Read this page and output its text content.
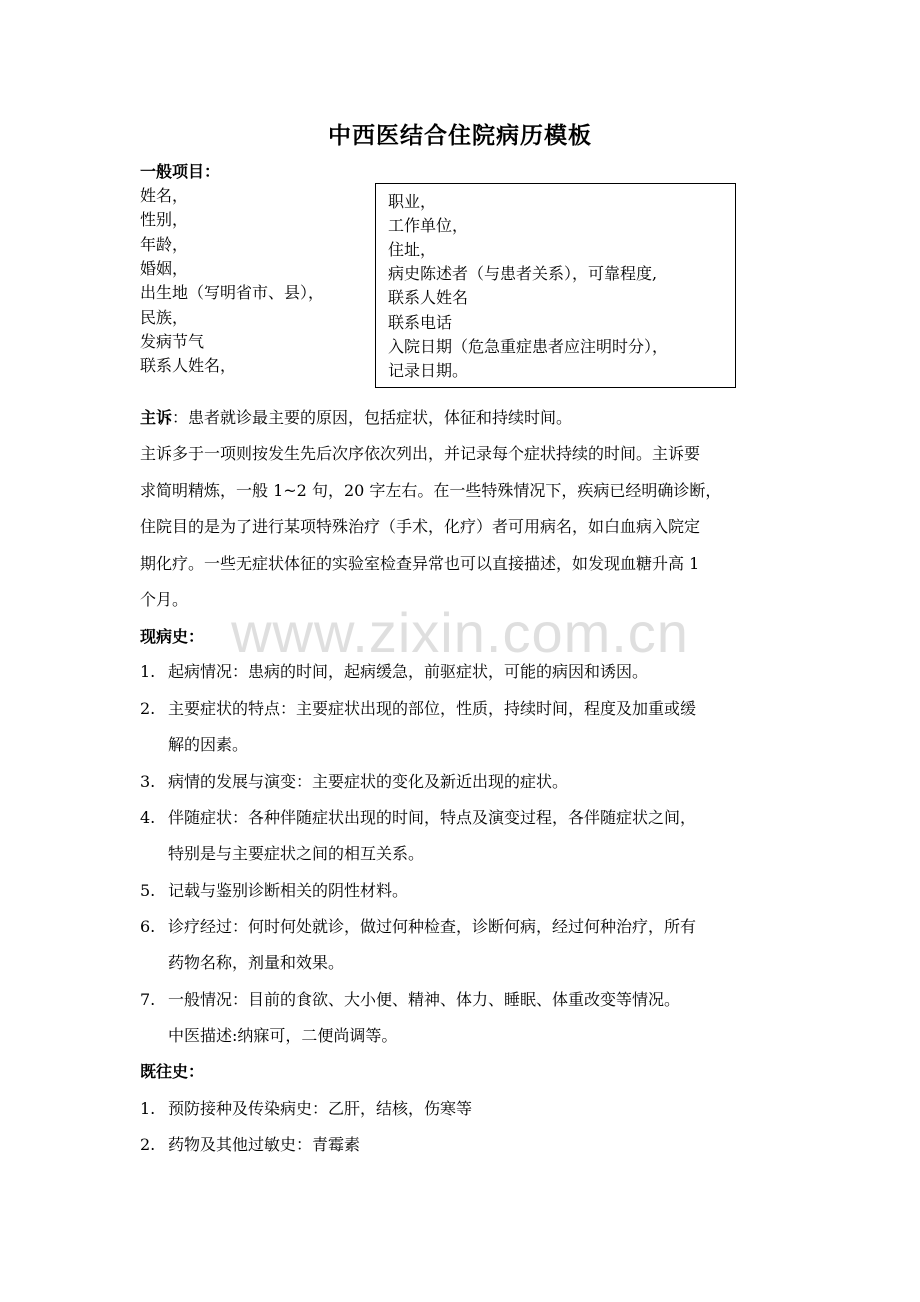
中西医结合住院病历模板
一般项目：
姓名，
性别，
年龄，
婚姻，
出生地（写明省市、县），
民族，
发病节气
联系人姓名，
职业，
工作单位，
住址，
病史陈述者（与患者关系），可靠程度,
联系人姓名
联系电话
入院日期（危急重症患者应注明时分），
记录日期。
主诉：患者就诊最主要的原因，包括症状，体征和持续时间。
主诉多于一项则按发生先后次序依次列出，并记录每个症状持续的时间。主诉要
求简明精炼，一般 1~2 句，20 字左右。在一些特殊情况下，疾病已经明确诊断，
住院目的是为了进行某项特殊治疗（手术，化疗）者可用病名，如白血病入院定
期化疗。一些无症状体征的实验室检查异常也可以直接描述，如发现血糖升高 1
个月。
www.zixin.com.cn
现病史：
1. 起病情况：患病的时间，起病缓急，前驱症状，可能的病因和诱因。
2. 主要症状的特点：主要症状出现的部位，性质，持续时间，程度及加重或缓
解的因素。
3. 病情的发展与演变：主要症状的变化及新近出现的症状。
4. 伴随症状：各种伴随症状出现的时间，特点及演变过程，各伴随症状之间，
特别是与主要症状之间的相互关系。
5. 记载与鉴别诊断相关的阴性材料。
6. 诊疗经过：何时何处就诊，做过何种检查，诊断何病，经过何种治疗，所有
药物名称，剂量和效果。
7. 一般情况：目前的食欲、大小便、精神、体力、睡眠、体重改变等情况。
中医描述:纳寐可，二便尚调等。
既往史：
1. 预防接种及传染病史：乙肝，结核，伤寒等
2. 药物及其他过敏史：青霉素
